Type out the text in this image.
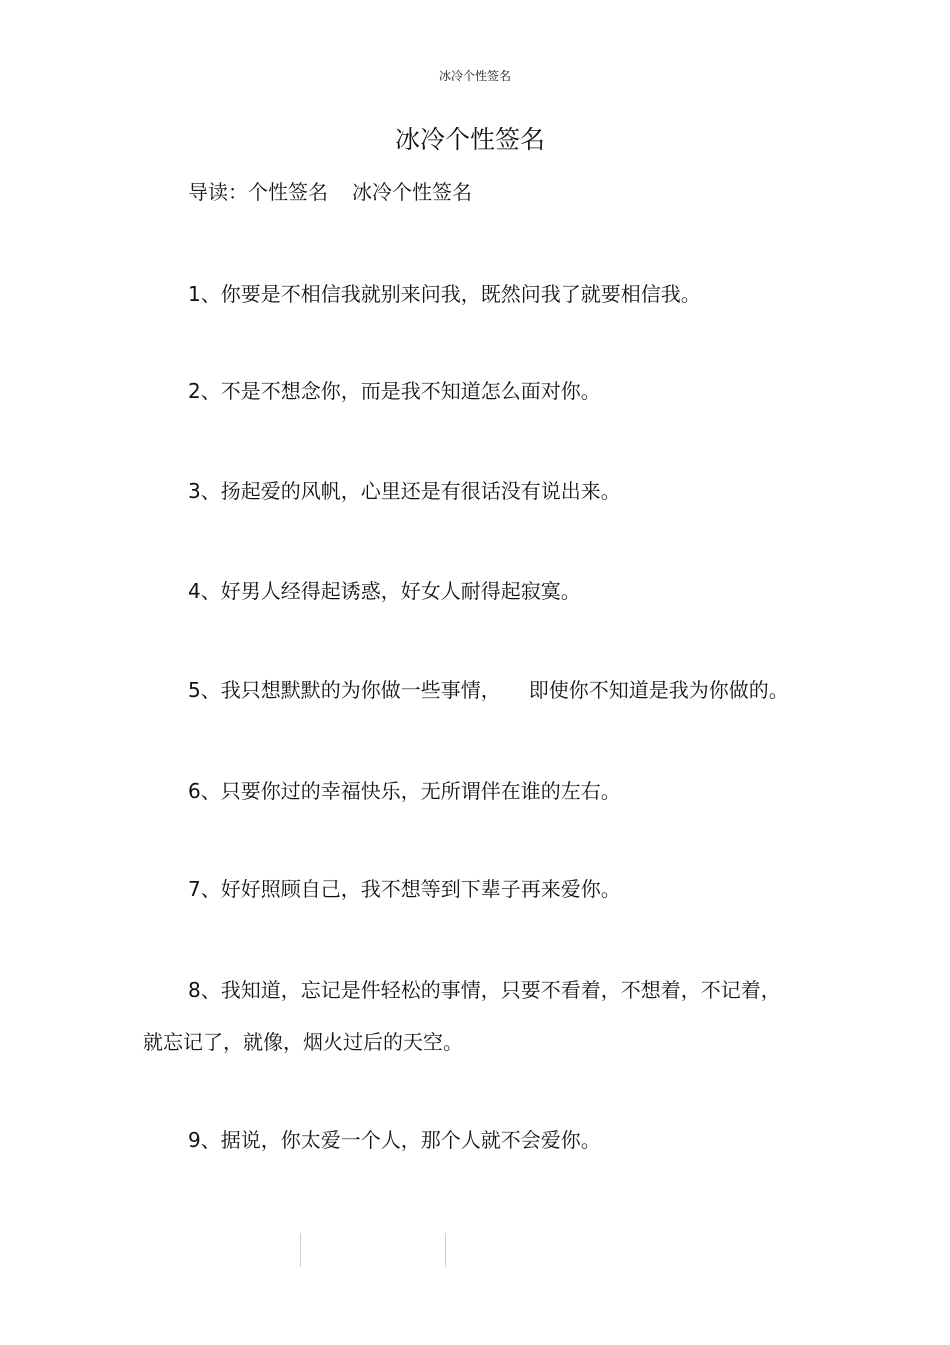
冰冷个性签名
冰冷个性签名
导读：个性签名 冰冷个性签名

1、你要是不相信我就别来问我，既然问我了就要相信我。

2、不是不想念你，而是我不知道怎么面对你。

3、扬起爱的风帆，心里还是有很话没有说出来。

4、好男人经得起诱惑，好女人耐得起寂寞。

5、我只想默默的为你做一些事情， 即使你不知道是我为你做的。

6、只要你过的幸福快乐，无所谓伴在谁的左右。

7、好好照顾自己，我不想等到下辈子再来爱你。

8、我知道，忘记是件轻松的事情，只要不看着，不想着，不记着，就忘记了，就像，烟火过后的天空。

9、据说，你太爱一个人，那个人就不会爱你。
